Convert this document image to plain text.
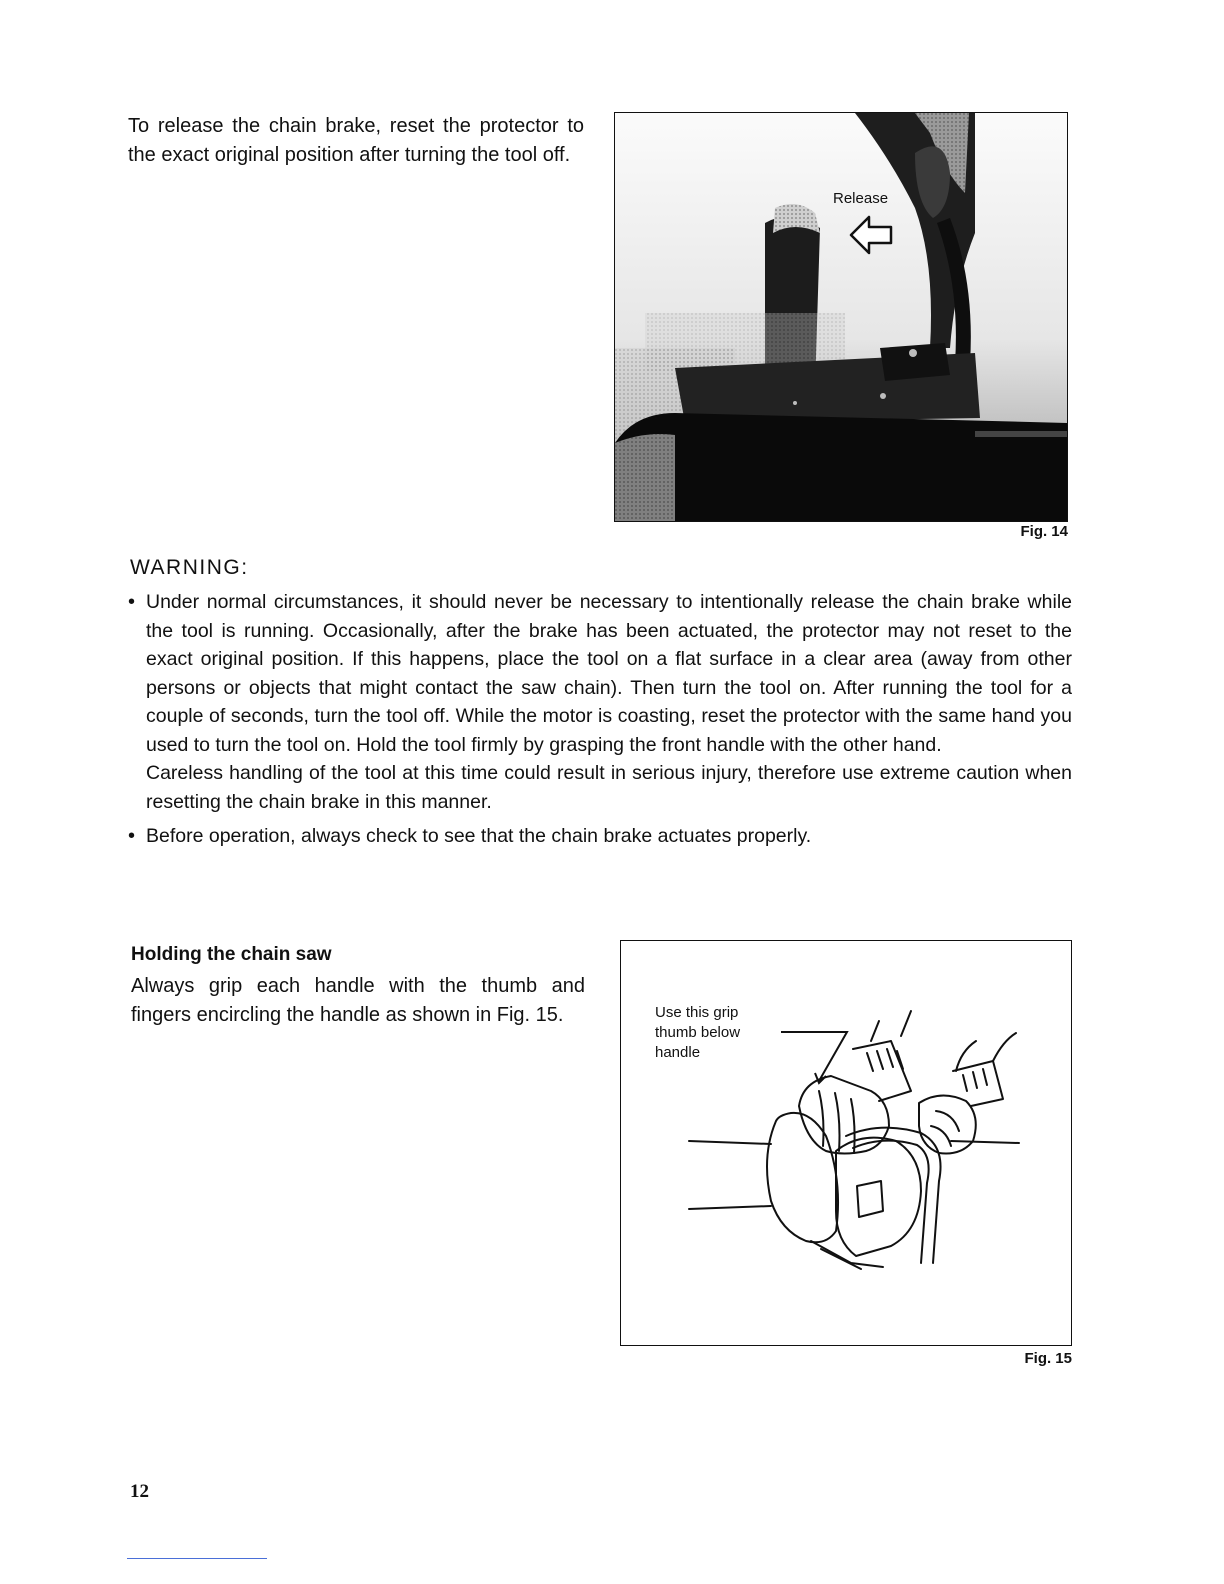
To release the chain brake, reset the protector to the exact original position after turning the tool off.

Release
Fig. 14

WARNING:

• Under normal circumstances, it should never be necessary to intentionally release the chain brake while the tool is running. Occasionally, after the brake has been actuated, the protector may not reset to the exact original position. If this happens, place the tool on a flat surface in a clear area (away from other persons or objects that might contact the saw chain). Then turn the tool on. After running the tool for a couple of seconds, turn the tool off. While the motor is coasting, reset the protector with the same hand you used to turn the tool on. Hold the tool firmly by grasping the front handle with the other hand.

Careless handling of the tool at this time could result in serious injury, therefore use extreme caution when resetting the chain brake in this manner.

• Before operation, always check to see that the chain brake actuates properly.

Holding the chain saw

Always grip each handle with the thumb and fingers encircling the handle as shown in Fig. 15.	Use this grip
thumb below
handle
Fig. 15
12
